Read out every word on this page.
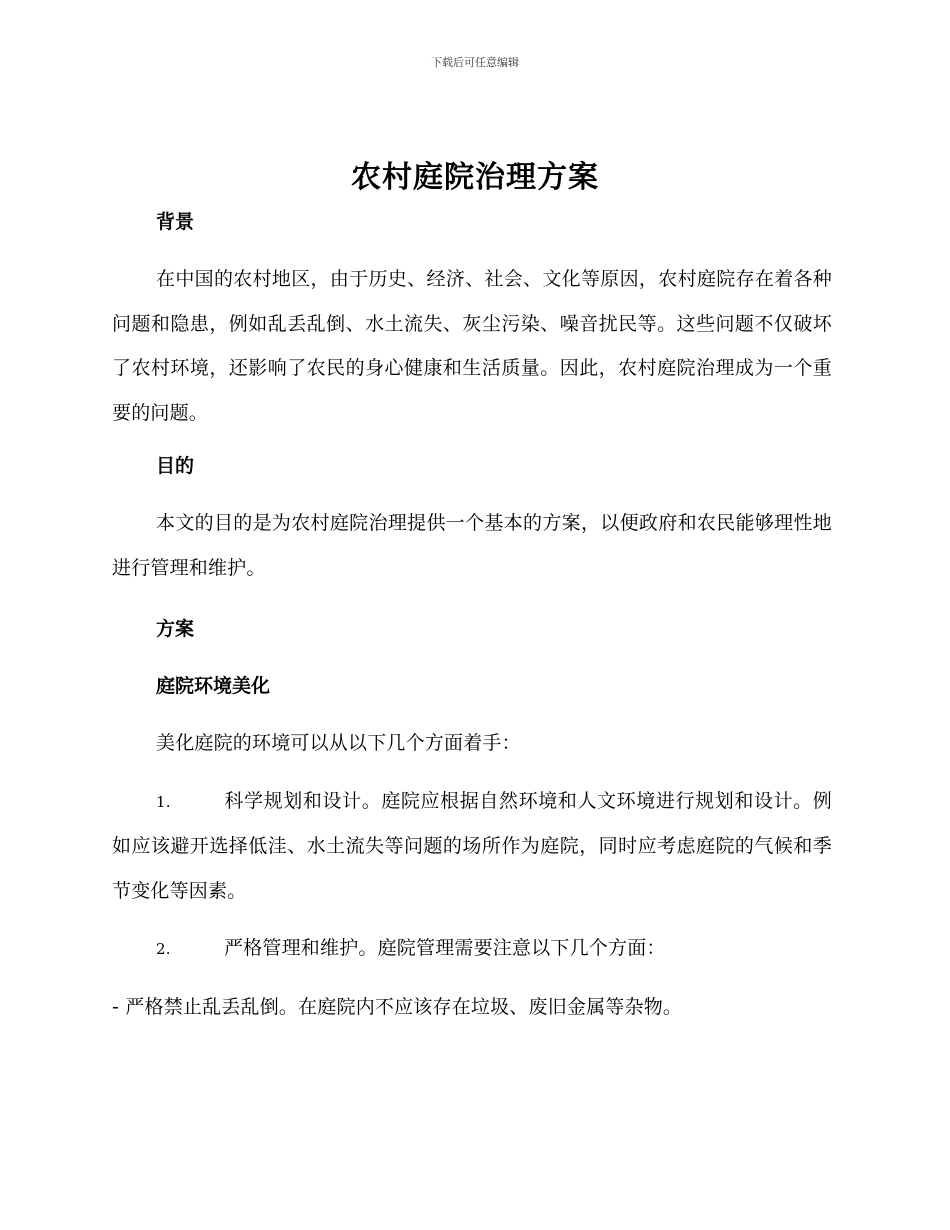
下载后可任意编辑
农村庭院治理方案

背景

在中国的农村地区，由于历史、经济、社会、文化等原因，农村庭院存在着各种问题和隐患，例如乱丢乱倒、水土流失、灰尘污染、噪音扰民等。这些问题不仅破坏了农村环境，还影响了农民的身心健康和生活质量。因此，农村庭院治理成为一个重要的问题。

目的

本文的目的是为农村庭院治理提供一个基本的方案，以便政府和农民能够理性地进行管理和维护。

方案

庭院环境美化

美化庭院的环境可以从以下几个方面着手：

1.	科学规划和设计。庭院应根据自然环境和人文环境进行规划和设计。例如应该避开选择低洼、水土流失等问题的场所作为庭院，同时应考虑庭院的气候和季节变化等因素。

2.	严格管理和维护。庭院管理需要注意以下几个方面：

- 严格禁止乱丢乱倒。在庭院内不应该存在垃圾、废旧金属等杂物。
